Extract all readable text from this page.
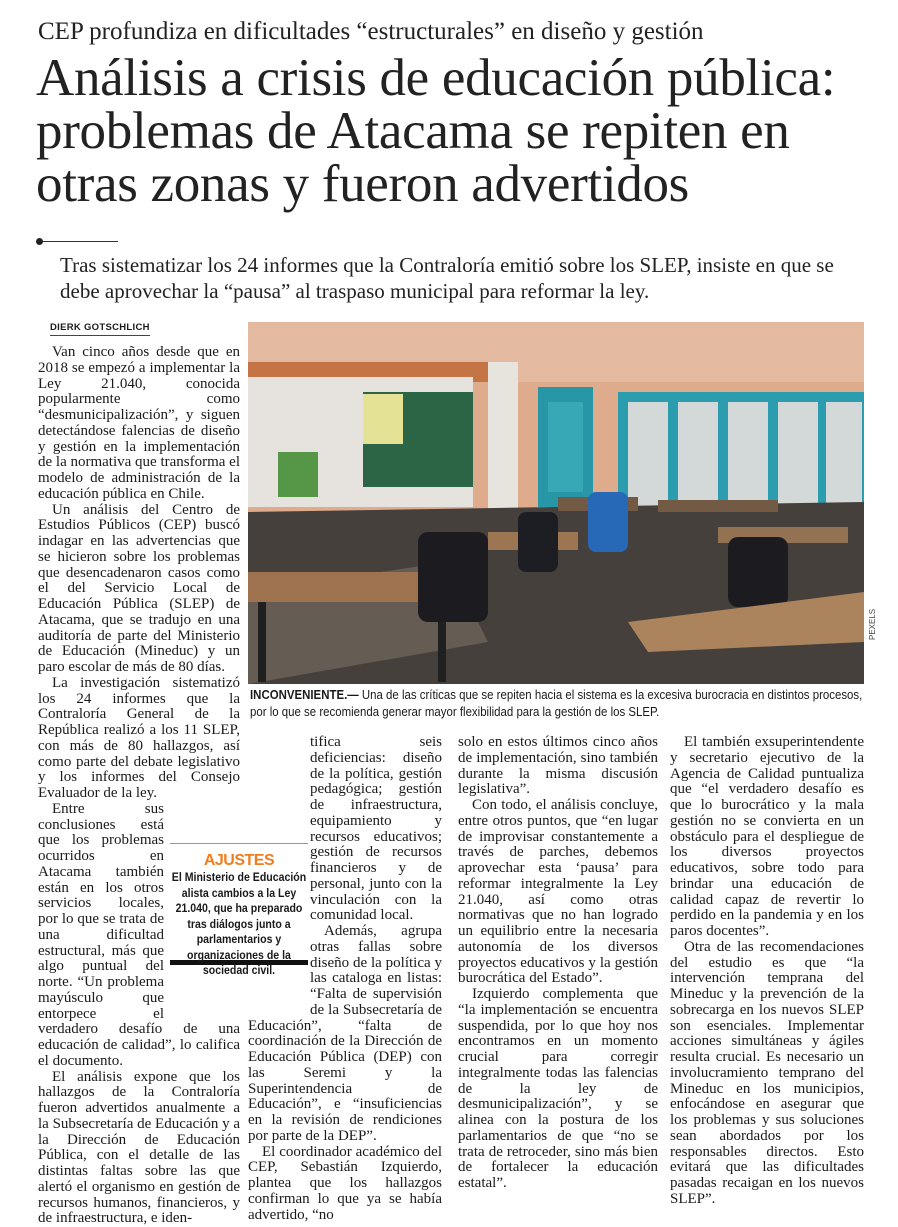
CEP profundiza en dificultades “estructurales” en diseño y gestión
Análisis a crisis de educación pública: problemas de Atacama se repiten en otras zonas y fueron advertidos
Tras sistematizar los 24 informes que la Contraloría emitió sobre los SLEP, insiste en que se debe aprovechar la “pausa” al traspaso municipal para reformar la ley.
DIERK GOTSCHLICH
PEXELS
INCONVENIENTE.— Una de las críticas que se repiten hacia el sistema es la excesiva burocracia en distintos procesos, por lo que se recomienda generar mayor flexibilidad para la gestión de los SLEP.

Van cinco años desde que en 2018 se empezó a implementar la Ley 21.040, conocida popularmente como “desmunicipalización”, y siguen detectándose falencias de diseño y gestión en la implementación de la normativa que transforma el modelo de administración de la educación pública en Chile.

Un análisis del Centro de Estudios Públicos (CEP) buscó indagar en las advertencias que se hicieron sobre los problemas que desencadenaron casos como el del Servicio Local de Educación Pública (SLEP) de Atacama, que se tradujo en una auditoría de parte del Ministerio de Educación (Mineduc) y un paro escolar de más de 80 días.

La investigación sistematizó los 24 informes que la Contraloría General de la República realizó a los 11 SLEP, con más de 80 hallazgos, así como parte del debate legislativo y los informes del Consejo Evaluador de la ley.

Entre sus conclusiones está que los problemas ocurridos en Atacama también están en los otros servicios locales, por lo que se trata de una dificultad estructural, más que algo puntual del norte. “Un problema mayúsculo que entorpece el verdadero desafío de una educación de calidad”, lo califica el documento.

El análisis expone que los hallazgos de la Contraloría fueron advertidos anualmente a la Subsecretaría de Educación y a la Dirección de Educación Pública, con el detalle de las distintas faltas sobre las que alertó el organismo en gestión de recursos humanos, financieros, y de infraestructura, e iden-

tifica seis deficiencias: diseño de la política, gestión pedagógica; gestión de infraestructura, equipamiento y recursos educativos; gestión de recursos financieros y de personal, junto con la vinculación con la comunidad local.

Además, agrupa otras fallas sobre diseño de la política y las cataloga en listas: “Falta de supervisión de la Subsecretaría de Educación”, “falta de coordinación de la Dirección de Educación Pública (DEP) con las Seremi y la Superintendencia de Educación”, e “insuficiencias en la revisión de rendiciones por parte de la DEP”.

El coordinador académico del CEP, Sebastián Izquierdo, plantea que los hallazgos confirman lo que ya se había advertido, “no

solo en estos últimos cinco años de implementación, sino también durante la misma discusión legislativa”.

Con todo, el análisis concluye, entre otros puntos, que “en lugar de improvisar constantemente a través de parches, debemos aprovechar esta ‘pausa’ para reformar integralmente la Ley 21.040, así como otras normativas que no han logrado un equilibrio entre la necesaria autonomía de los diversos proyectos educativos y la gestión burocrática del Estado”.

Izquierdo complementa que “la implementación se encuentra suspendida, por lo que hoy nos encontramos en un momento crucial para corregir integralmente todas las falencias de la ley de desmunicipalización”, y se alinea con la postura de los parlamentarios de que “no se trata de retroceder, sino más bien de fortalecer la educación estatal”.

El también exsuperintendente y secretario ejecutivo de la Agencia de Calidad puntualiza que “el verdadero desafío es que lo burocrático y la mala gestión no se convierta en un obstáculo para el despliegue de los diversos proyectos educativos, sobre todo para brindar una educación de calidad capaz de revertir lo perdido en la pandemia y en los paros docentes”.

Otra de las recomendaciones del estudio es que “la intervención temprana del Mineduc y la prevención de la sobrecarga en los nuevos SLEP son esenciales. Implementar acciones simultáneas y ágiles resulta crucial. Es necesario un involucramiento temprano del Mineduc en los municipios, enfocándose en asegurar que los problemas y sus soluciones sean abordados por los responsables directos. Esto evitará que las dificultades pasadas recaigan en los nuevos SLEP”.

AJUSTES
El Ministerio de Educación alista cambios a la Ley 21.040, que ha preparado tras diálogos junto a parlamentarios y organizaciones de la sociedad civil.
